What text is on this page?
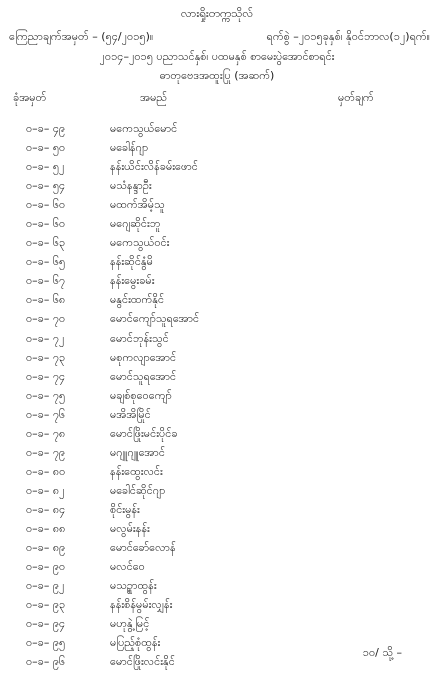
လားရှိုးတက္ကသိုလ်
ကြေညာချက်အမှတ် – (၅၄/၂၀၁၅)။	ရက်စွဲ –၂၀၁၅ခုနှစ်၊ နိုဝင်ဘာလ(၁၂)ရက်။
၂၀၁၄–၂၀၁၅ ပညာသင်နှစ်၊ ပထမနှစ် စာမေးပွဲအောင်စာရင်း
ဓာတုဗေဒအထူးပြု (အဆက်)
ခုံအမှတ်	အမည်	မှတ်ချက်
ဝ–ခ– ၄၉	မကေသွယ်မောင်
ဝ–ခ– ၅ဝ	မခေါန်ဂျာ
ဝ–ခ– ၅၂	နန်းယိင်းလိန်ခမ်းဖောင်
ဝ–ခ– ၅၄	မသံနန္ဒာဦး
ဝ–ခ– ၆ဝ	မထက်အိမ့်သူ
ဝ–ခ– ၆ဝ	မဂျေဆိုင်းဘူ
ဝ–ခ– ၆၃	မကေသွယ်ဝင်း
ဝ–ခ– ၆၅	နန်းဆိုင်နွံမိ
ဝ–ခ– ၆၇	နန်းမွေးခမ်း
ဝ–ခ– ၆၈	မနွင်းထက်နိုင်
ဝ–ခ– ၇ဝ	မောင်ကျော်သူရအောင်
ဝ–ခ– ၇၂	မောင်ဘုန်းသွင်
ဝ–ခ– ၇၃	မစုကလျာအောင်
ဝ–ခ– ၇၄	မောင်သူရအောင်
ဝ–ခ– ၇၅	မချစ်စုဝေကျော်
ဝ–ခ– ၇၆	မအိအိမြိုင်
ဝ–ခ– ၇၈	မောင်ဖြိုးမင်းပိုင်ခ
ဝ–ခ– ၇၉	မဂျူဂျူအောင်
ဝ–ခ– ၈ဝ	နန်းထွေးလင်း
ဝ–ခ– ၈၂	မခေါင်ဆိုင်ဂျာ
ဝ–ခ– ၈၄	စိုင်းမွန်း
ဝ–ခ– ၈၈	မလွမ်းနန်း
ဝ–ခ– ၈၉	မောင်ခော်လောန်
ဝ–ခ– ၉ဝ	မလင်ဝေ
ဝ–ခ– ၉၂	မသဥ္စာထွန်း
ဝ–ခ– ၉၃	နန်းစိန်မွမ်းလျှန်း
ဝ–ခ– ၉၄	မဟုနွဲ့မြင့်
ဝ–ခ– ၉၅	မပြည့်စုံထွန်း
ဝ–ခ– ၉၆	မောင်ဖြိုးလင်းနိုင်
၁ဝ/ သို့ –
